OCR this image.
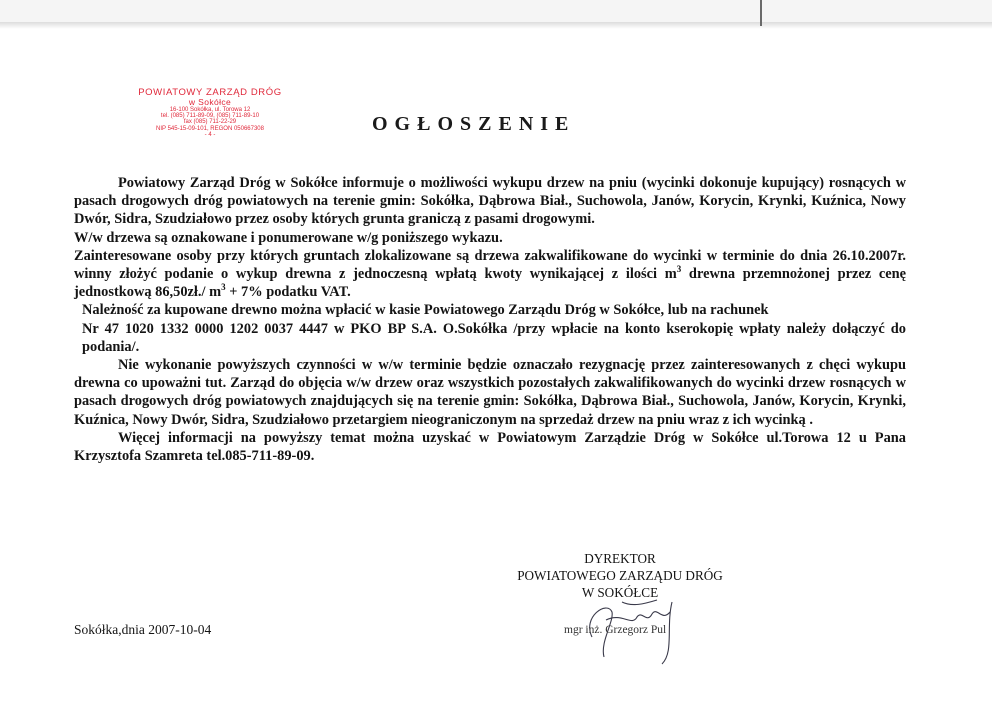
POWIATOWY ZARZĄD DRÓG
w Sokółce
16-100 Sokółka, ul. Torowa 12
tel. (085) 711-89-09, (085) 711-89-10
fax (085) 711-22-29
NIP 545-15-09-101, REGON 050667308
- 4 -
OGŁOSZENIE

Powiatowy Zarząd Dróg w Sokółce informuje o możliwości wykupu drzew na pniu (wycinki dokonuje kupujący) rosnących w pasach drogowych dróg powiatowych na terenie gmin: Sokółka, Dąbrowa Biał., Suchowola, Janów, Korycin, Krynki, Kuźnica, Nowy Dwór, Sidra, Szudziałowo przez osoby których grunta graniczą z pasami drogowymi.

W/w drzewa są oznakowane i ponumerowane w/g poniższego wykazu.

Zainteresowane osoby przy których gruntach zlokalizowane są drzewa zakwalifikowane do wycinki w terminie do dnia 26.10.2007r. winny złożyć podanie o wykup drewna z jednoczesną wpłatą kwoty wynikającej z ilości $m^3$ drewna przemnożonej przez cenę jednostkową 86,50zł./ $m^3 + 7\%$ podatku VAT.

Należność za kupowane drewno można wpłacić w kasie Powiatowego Zarządu Dróg w Sokółce, lub na rachunek

Nr 47 1020 1332 0000 1202 0037 4447 w PKO BP S.A. O.Sokółka /przy wpłacie na konto kserokopię wpłaty należy dołączyć do podania/.

Nie wykonanie powyższych czynności w w/w terminie będzie oznaczało rezygnację przez zainteresowanych z chęci wykupu drewna co upoważni tut. Zarząd do objęcia w/w drzew oraz wszystkich pozostałych zakwalifikowanych do wycinki drzew rosnących w pasach drogowych dróg powiatowych znajdujących się na terenie gmin: Sokółka, Dąbrowa Biał., Suchowola, Janów, Korycin, Krynki, Kuźnica, Nowy Dwór, Sidra, Szudziałowo przetargiem nieograniczonym na sprzedaż drzew na pniu wraz z ich wycinką .

Więcej informacji na powyższy temat można uzyskać w Powiatowym Zarządzie Dróg w Sokółce ul.Torowa 12 u Pana Krzysztofa Szamreta tel.085-711-89-09.

DYREKTOR
POWIATOWEGO ZARZĄDU DRÓG
W SOKÓŁCE
mgr inż. Grzegorz Pul
Sokółka,dnia 2007-10-04
